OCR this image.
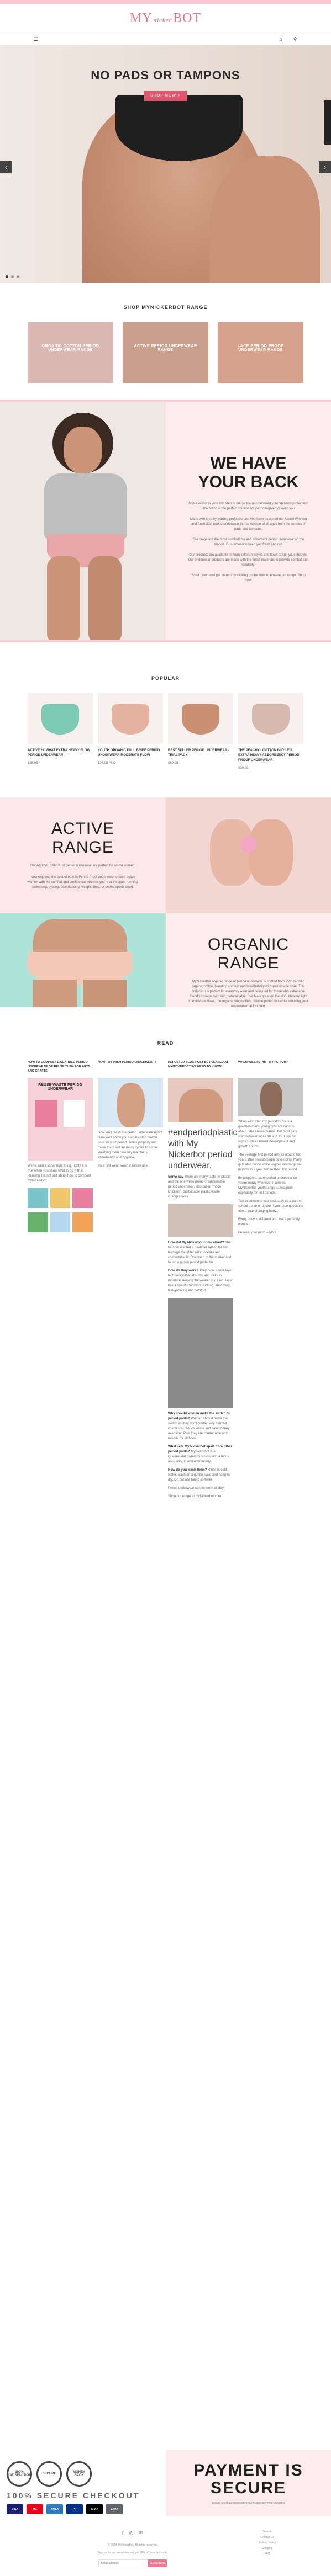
MY nickerBOT
☰	⌂ ⚲
NO PADS OR TAMPONS
SHOP NOW >
‹	›
SHOP MYNICKERBOT RANGE
ORGANIC COTTON PERIOD UNDERWEAR RANGE
ACTIVE PERIOD UNDERWEAR RANGE
LACE PERIOD PROOF UNDERWEAR RANGE
WE HAVE YOUR BACK

MyNickerBot is your first step to bridge the gap between your "modern protection" - the brand is the perfect solution for your daughter, or even you.

Made with love by leading professionals who have designed our Award Winning and Australian period underwear to free women of all ages from the worries of pads and tampons.

Our range are the most comfortable and absorbent period underwear on the market. Guaranteed to keep you fresh and dry.

Our products are available in many different styles and flows to suit your lifestyle. Our underwear products are made with the finest materials to provide comfort and reliability.

Scroll down and get started by clicking on the links to browse our range. Shop now!

POPULAR
ACTIVE 2X WHAT EXTRA HEAVY FLOW PERIOD UNDERWEAR
$35.95
YOUTH ORGANIC FULL BRIEF PERIOD UNDERWEAR MODERATE FLOW
$34.95 AUD
BEST SELLER PERIOD UNDERWEAR - TRIAL PACK
$69.95
THE PEACHY - COTTON BOY LEG EXTRA HEAVY ABSORBENCY PERIOD PROOF UNDERWEAR
$39.95
ACTIVE RANGE

Our ACTIVE RANGE of period underwear are perfect for active women.

Now enjoying the best of both in Period Proof underwear to keep active women with the comfort and confidence whether you're at the gym, running, swimming, cycling, pole dancing, weight lifting, or on the sports court.

ORGANIC RANGE

MyNickerBot organic range of period underwear is crafted from 95% certified organic cotton, blending comfort and breathability with sustainable style. This collection is perfect for everyday wear and designed for those who value eco-friendly choices with soft, natural fabric that feels great on the skin. Ideal for light to moderate flows, the organic range offers reliable protection while reducing your environmental footprint.

READ
HOW TO COMPOST DISCARDED PERIOD UNDERWEAR OR REUSE THEM FOR ARTS AND CRAFTS
REUSE WASTE PERIOD UNDERWEAR

We've said it so far right thing, right? It is true when you know what to do with it! Reusing it is not just about how to compost MyNickerBot.

HOW TO FINISH PERIOD UNDERWEAR?

How am I crash me period underwear right? Here we'll show you step-by-step how to care for your period undies properly and make them last for many cycles to come. Washing them carefully maintains absorbency and hygiene.

Your first wear, wash it before use.

REPOSTED BLOG POST BE PLEASED AT MYNICKERBOT WE NEED TO KNOW!
#endperiodplastic with My Nickerbot period underwear.

Some say There are many facts on plastic and the one we're proud of sustainable period underwear, also called 'moon knickers'. Sustainable plastic waste changes lives.

How did My Nickerbot come about? The founder wanted a healthier option for her teenage daughter with no leaks and comfortable fit. She went to the market and found a gap in period protection.

How do they work? They have a four-layer technology that absorbs and locks in moisture keeping the wearer dry. Each layer has a specific function: wicking, absorbing, leak-proofing and comfort.

Why should women make the switch to period pants? Women should make the switch as they don't contain any harmful chemicals, reduce waste and save money over time. Plus they are comfortable and reliable for all flows.

What sets My Nickerbot apart from other period pants? MyNickerbot is a Queensland owned business with a focus on quality, fit and affordability.

How do you wash them? Rinse in cold water, wash on a gentle cycle and hang to dry. Do not use fabric softener.

Period underwear can be worn all day.

Shop our range at myNickerbot.com

WHEN WILL I START MY PERIOD?

When will I start my period? This is a question many young girls are curious about. The answer varies, but most girls start between ages 10 and 15. Look for signs such as breast development and growth spurts.

The average first period arrives around two years after breasts begin developing. Many girls also notice white vaginal discharge six months to a year before their first period.

Be prepared: carry period underwear so you're ready whenever it arrives. MyNickerbot youth range is designed especially for first periods.

Talk to someone you trust such as a parent, school nurse or doctor if you have questions about your changing body.

Every body is different and that's perfectly normal.

Be well, your mum – MNB

100% SATISFACTION	SECURE	MONEY BACK
100% SECURE CHECKOUT
VISA	MC	AMEX	PP	APAY	GPAY
PAYMENT IS SECURE

Secure checkout powered by our trusted payment providers

f ◎ ✉
© 2024 MyNickerBot. All rights reserved.
Sign up for our newsletter and get 10% off your first order
Email address
SUBSCRIBE
Search
Contact Us
Refund Policy
Shipping
FAQ
